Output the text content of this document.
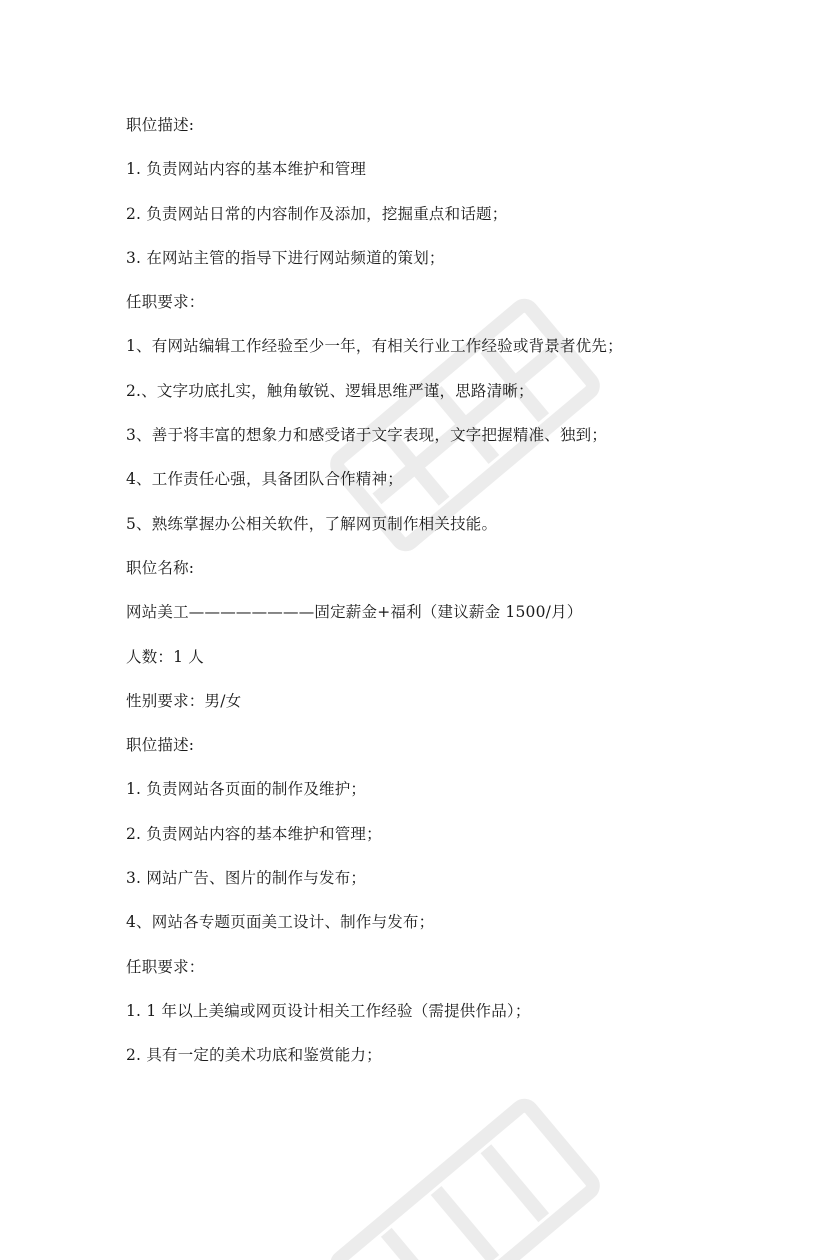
职位描述:
1. 负责网站内容的基本维护和管理
2. 负责网站日常的内容制作及添加，挖掘重点和话题；
3. 在网站主管的指导下进行网站频道的策划；
任职要求：
1、有网站编辑工作经验至少一年，有相关行业工作经验或背景者优先；
2.、文字功底扎实，触角敏锐、逻辑思维严谨，思路清晰；
3、善于将丰富的想象力和感受诸于文字表现，文字把握精准、独到；
4、工作责任心强，具备团队合作精神；
5、熟练掌握办公相关软件，了解网页制作相关技能。
职位名称:
网站美工————————固定薪金+福利（建议薪金 1500/月）
人数：1 人
性别要求：男/女
职位描述:
1. 负责网站各页面的制作及维护；
2. 负责网站内容的基本维护和管理；
3. 网站广告、图片的制作与发布；
4、网站各专题页面美工设计、制作与发布；
任职要求：
1. 1 年以上美编或网页设计相关工作经验（需提供作品）；
2. 具有一定的美术功底和鉴赏能力；
